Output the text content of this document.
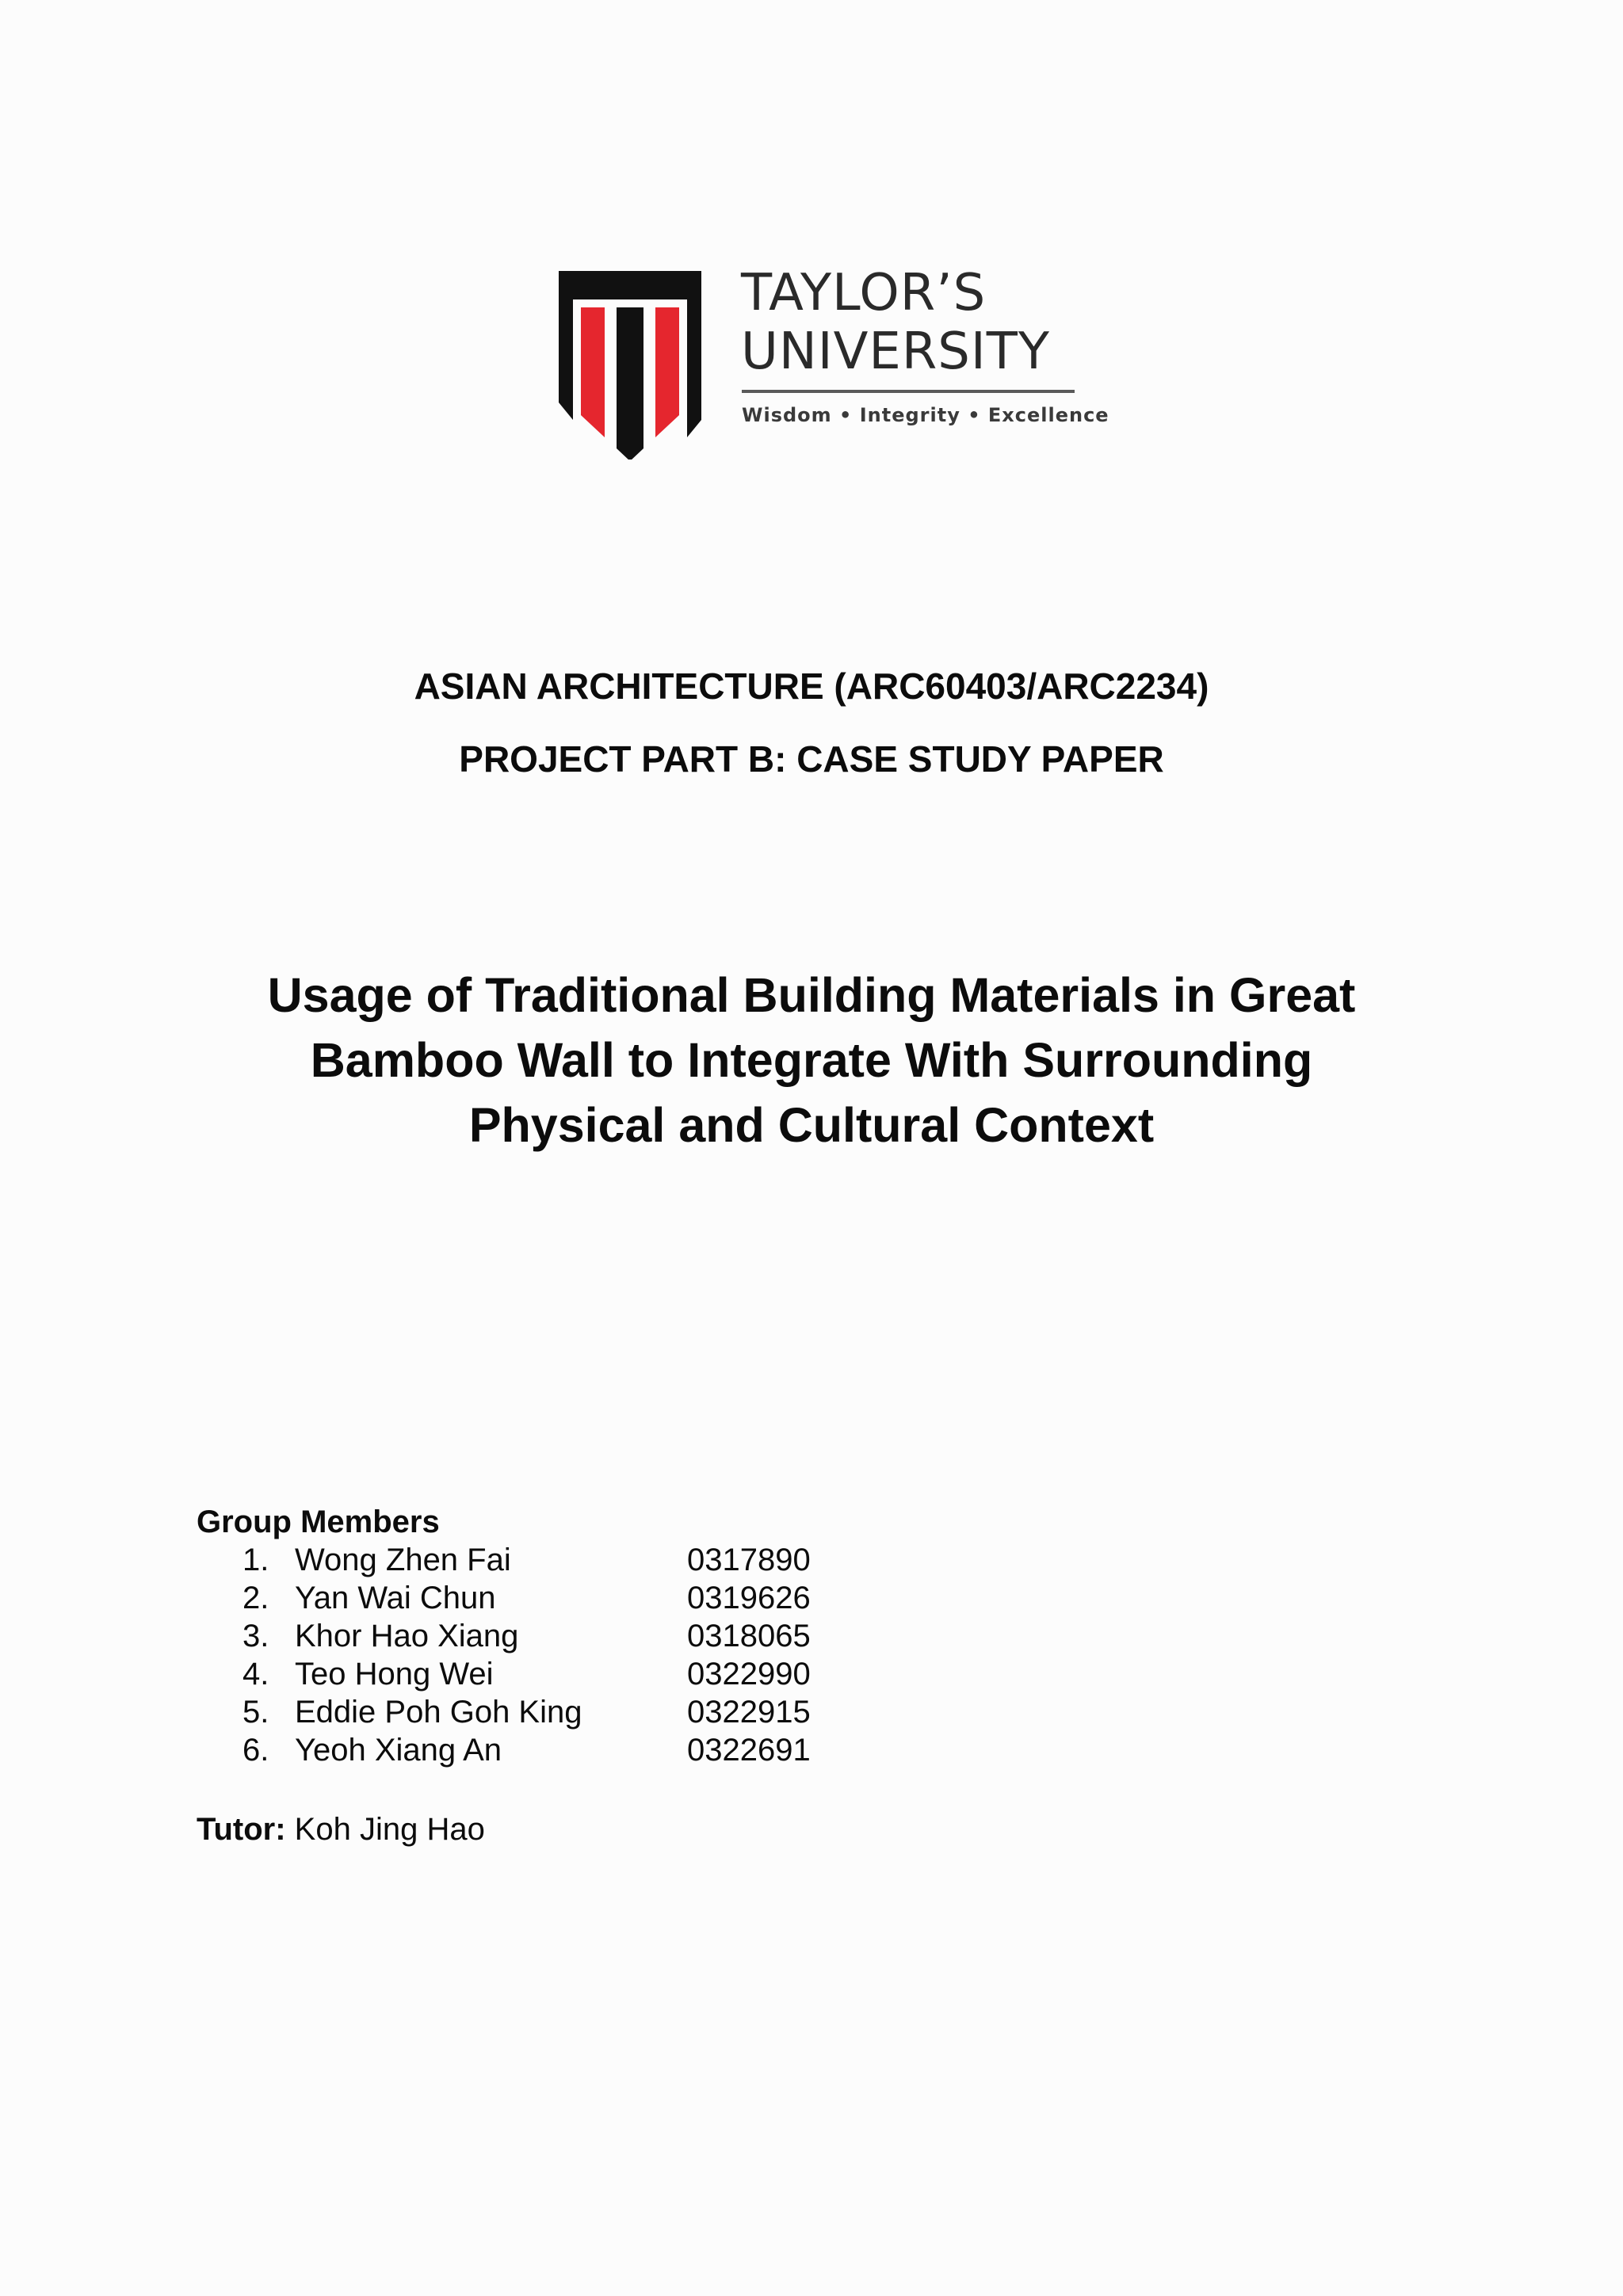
TAYLOR’S
UNIVERSITY
Wisdom • Integrity • Excellence
ASIAN ARCHITECTURE (ARC60403/ARC2234)
PROJECT PART B: CASE STUDY PAPER
Usage of Traditional Building Materials in Great
Bamboo Wall to Integrate With Surrounding
Physical and Cultural Context
Group Members
1. Wong Zhen Fai	0317890
2. Yan Wai Chun	0319626
3. Khor Hao Xiang	0318065
4. Teo Hong Wei	0322990
5. Eddie Poh Goh King	0322915
6. Yeoh Xiang An	0322691
Tutor: Koh Jing Hao
